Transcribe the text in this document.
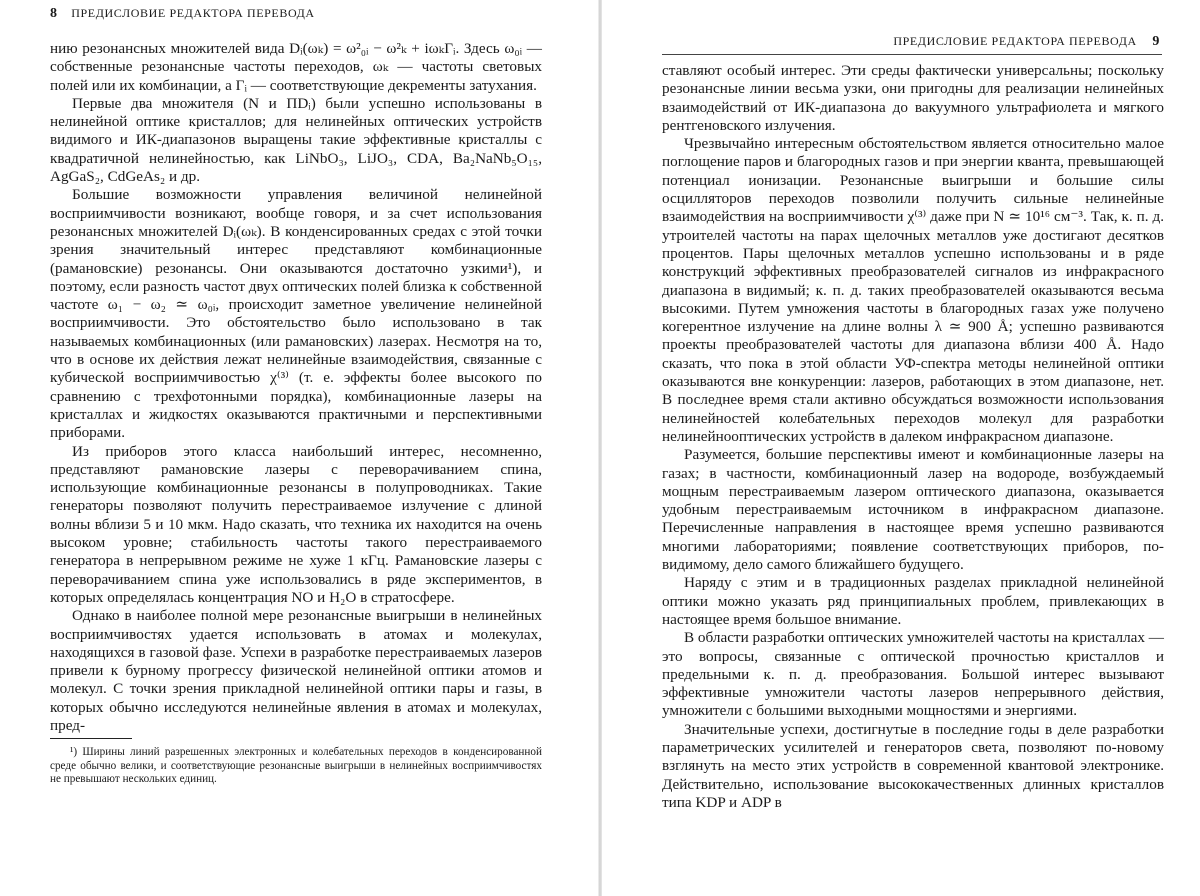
8 ПРЕДИСЛОВИЕ РЕДАКТОРА ПЕРЕВОДА

нию резонансных множителей вида Dᵢ(ωₖ) = ω²₀ᵢ − ω²ₖ + iωₖΓᵢ. Здесь ω₀ᵢ — собственные резонансные частоты переходов, ωₖ — частоты световых полей или их комбинации, а Γᵢ — соответствующие декременты затухания.

Первые два множителя (N и ΠDᵢ) были успешно использованы в нелинейной оптике кристаллов; для нелинейных оптических устройств видимого и ИК-диапазонов выращены такие эффективные кристаллы с квадратичной нелинейностью, как LiNbO₃, LiJO₃, CDA, Ba₂NaNb₅O₁₅, AgGaS₂, CdGeAs₂ и др.

Большие возможности управления величиной нелинейной восприимчивости возникают, вообще говоря, и за счет использования резонансных множителей Dᵢ(ωₖ). В конденсированных средах с этой точки зрения значительный интерес представляют комбинационные (рамановские) резонансы. Они оказываются достаточно узкими¹), и поэтому, если разность частот двух оптических полей близка к собственной частоте ω₁ − ω₂ ≃ ω₀ᵢ, происходит заметное увеличение нелинейной восприимчивости. Это обстоятельство было использовано в так называемых комбинационных (или рамановских) лазерах. Несмотря на то, что в основе их действия лежат нелинейные взаимодействия, связанные с кубической восприимчивостью χ⁽³⁾ (т. е. эффекты более высокого по сравнению с трехфотонными порядка), комбинационные лазеры на кристаллах и жидкостях оказываются практичными и перспективными приборами.

Из приборов этого класса наибольший интерес, несомненно, представляют рамановские лазеры с переворачиванием спина, использующие комбинационные резонансы в полупроводниках. Такие генераторы позволяют получить перестраиваемое излучение с длиной волны вблизи 5 и 10 мкм. Надо сказать, что техника их находится на очень высоком уровне; стабильность частоты такого перестраиваемого генератора в непрерывном режиме не хуже 1 кГц. Рамановские лазеры с переворачиванием спина уже использовались в ряде экспериментов, в которых определялась концентрация NO и H₂O в стратосфере.

Однако в наиболее полной мере резонансные выигрыши в нелинейных восприимчивостях удается использовать в атомах и молекулах, находящихся в газовой фазе. Успехи в разработке перестраиваемых лазеров привели к бурному прогрессу физической нелинейной оптики атомов и молекул. С точки зрения прикладной нелинейной оптики пары и газы, в которых обычно исследуются нелинейные явления в атомах и молекулах, пред-

¹) Ширины линий разрешенных электронных и колебательных переходов в конденсированной среде обычно велики, и соответствующие резонансные выигрыши в нелинейных восприимчивостях не превышают нескольких единиц.
ПРЕДИСЛОВИЕ РЕДАКТОРА ПЕРЕВОДА 9

ставляют особый интерес. Эти среды фактически универсальны; поскольку резонансные линии весьма узки, они пригодны для реализации нелинейных взаимодействий от ИК-диапазона до вакуумного ультрафиолета и мягкого рентгеновского излучения.

Чрезвычайно интересным обстоятельством является относительно малое поглощение паров и благородных газов и при энергии кванта, превышающей потенциал ионизации. Резонансные выигрыши и большие силы осцилляторов переходов позволили получить сильные нелинейные взаимодействия на восприимчивости χ⁽³⁾ даже при N ≃ 10¹⁶ см⁻³. Так, к. п. д. утроителей частоты на парах щелочных металлов уже достигают десятков процентов. Пары щелочных металлов успешно использованы и в ряде конструкций эффективных преобразователей сигналов из инфракрасного диапазона в видимый; к. п. д. таких преобразователей оказываются весьма высокими. Путем умножения частоты в благородных газах уже получено когерентное излучение на длине волны λ ≃ 900 Å; успешно развиваются проекты преобразователей частоты для диапазона вблизи 400 Å. Надо сказать, что пока в этой области УФ-спектра методы нелинейной оптики оказываются вне конкуренции: лазеров, работающих в этом диапазоне, нет. В последнее время стали активно обсуждаться возможности использования нелинейностей колебательных переходов молекул для разработки нелинейнооптических устройств в далеком инфракрасном диапазоне.

Разумеется, большие перспективы имеют и комбинационные лазеры на газах; в частности, комбинационный лазер на водороде, возбуждаемый мощным перестраиваемым лазером оптического диапазона, оказывается удобным перестраиваемым источником в инфракрасном диапазоне. Перечисленные направления в настоящее время успешно развиваются многими лабораториями; появление соответствующих приборов, по-видимому, дело самого ближайшего будущего.

Наряду с этим и в традиционных разделах прикладной нелинейной оптики можно указать ряд принципиальных проблем, привлекающих в настоящее время большое внимание.

В области разработки оптических умножителей частоты на кристаллах — это вопросы, связанные с оптической прочностью кристаллов и предельными к. п. д. преобразования. Большой интерес вызывают эффективные умножители частоты лазеров непрерывного действия, умножители с большими выходными мощностями и энергиями.

Значительные успехи, достигнутые в последние годы в деле разработки параметрических усилителей и генераторов света, позволяют по-новому взглянуть на место этих устройств в современной квантовой электронике. Действительно, использование высококачественных длинных кристаллов типа KDP и ADP в
